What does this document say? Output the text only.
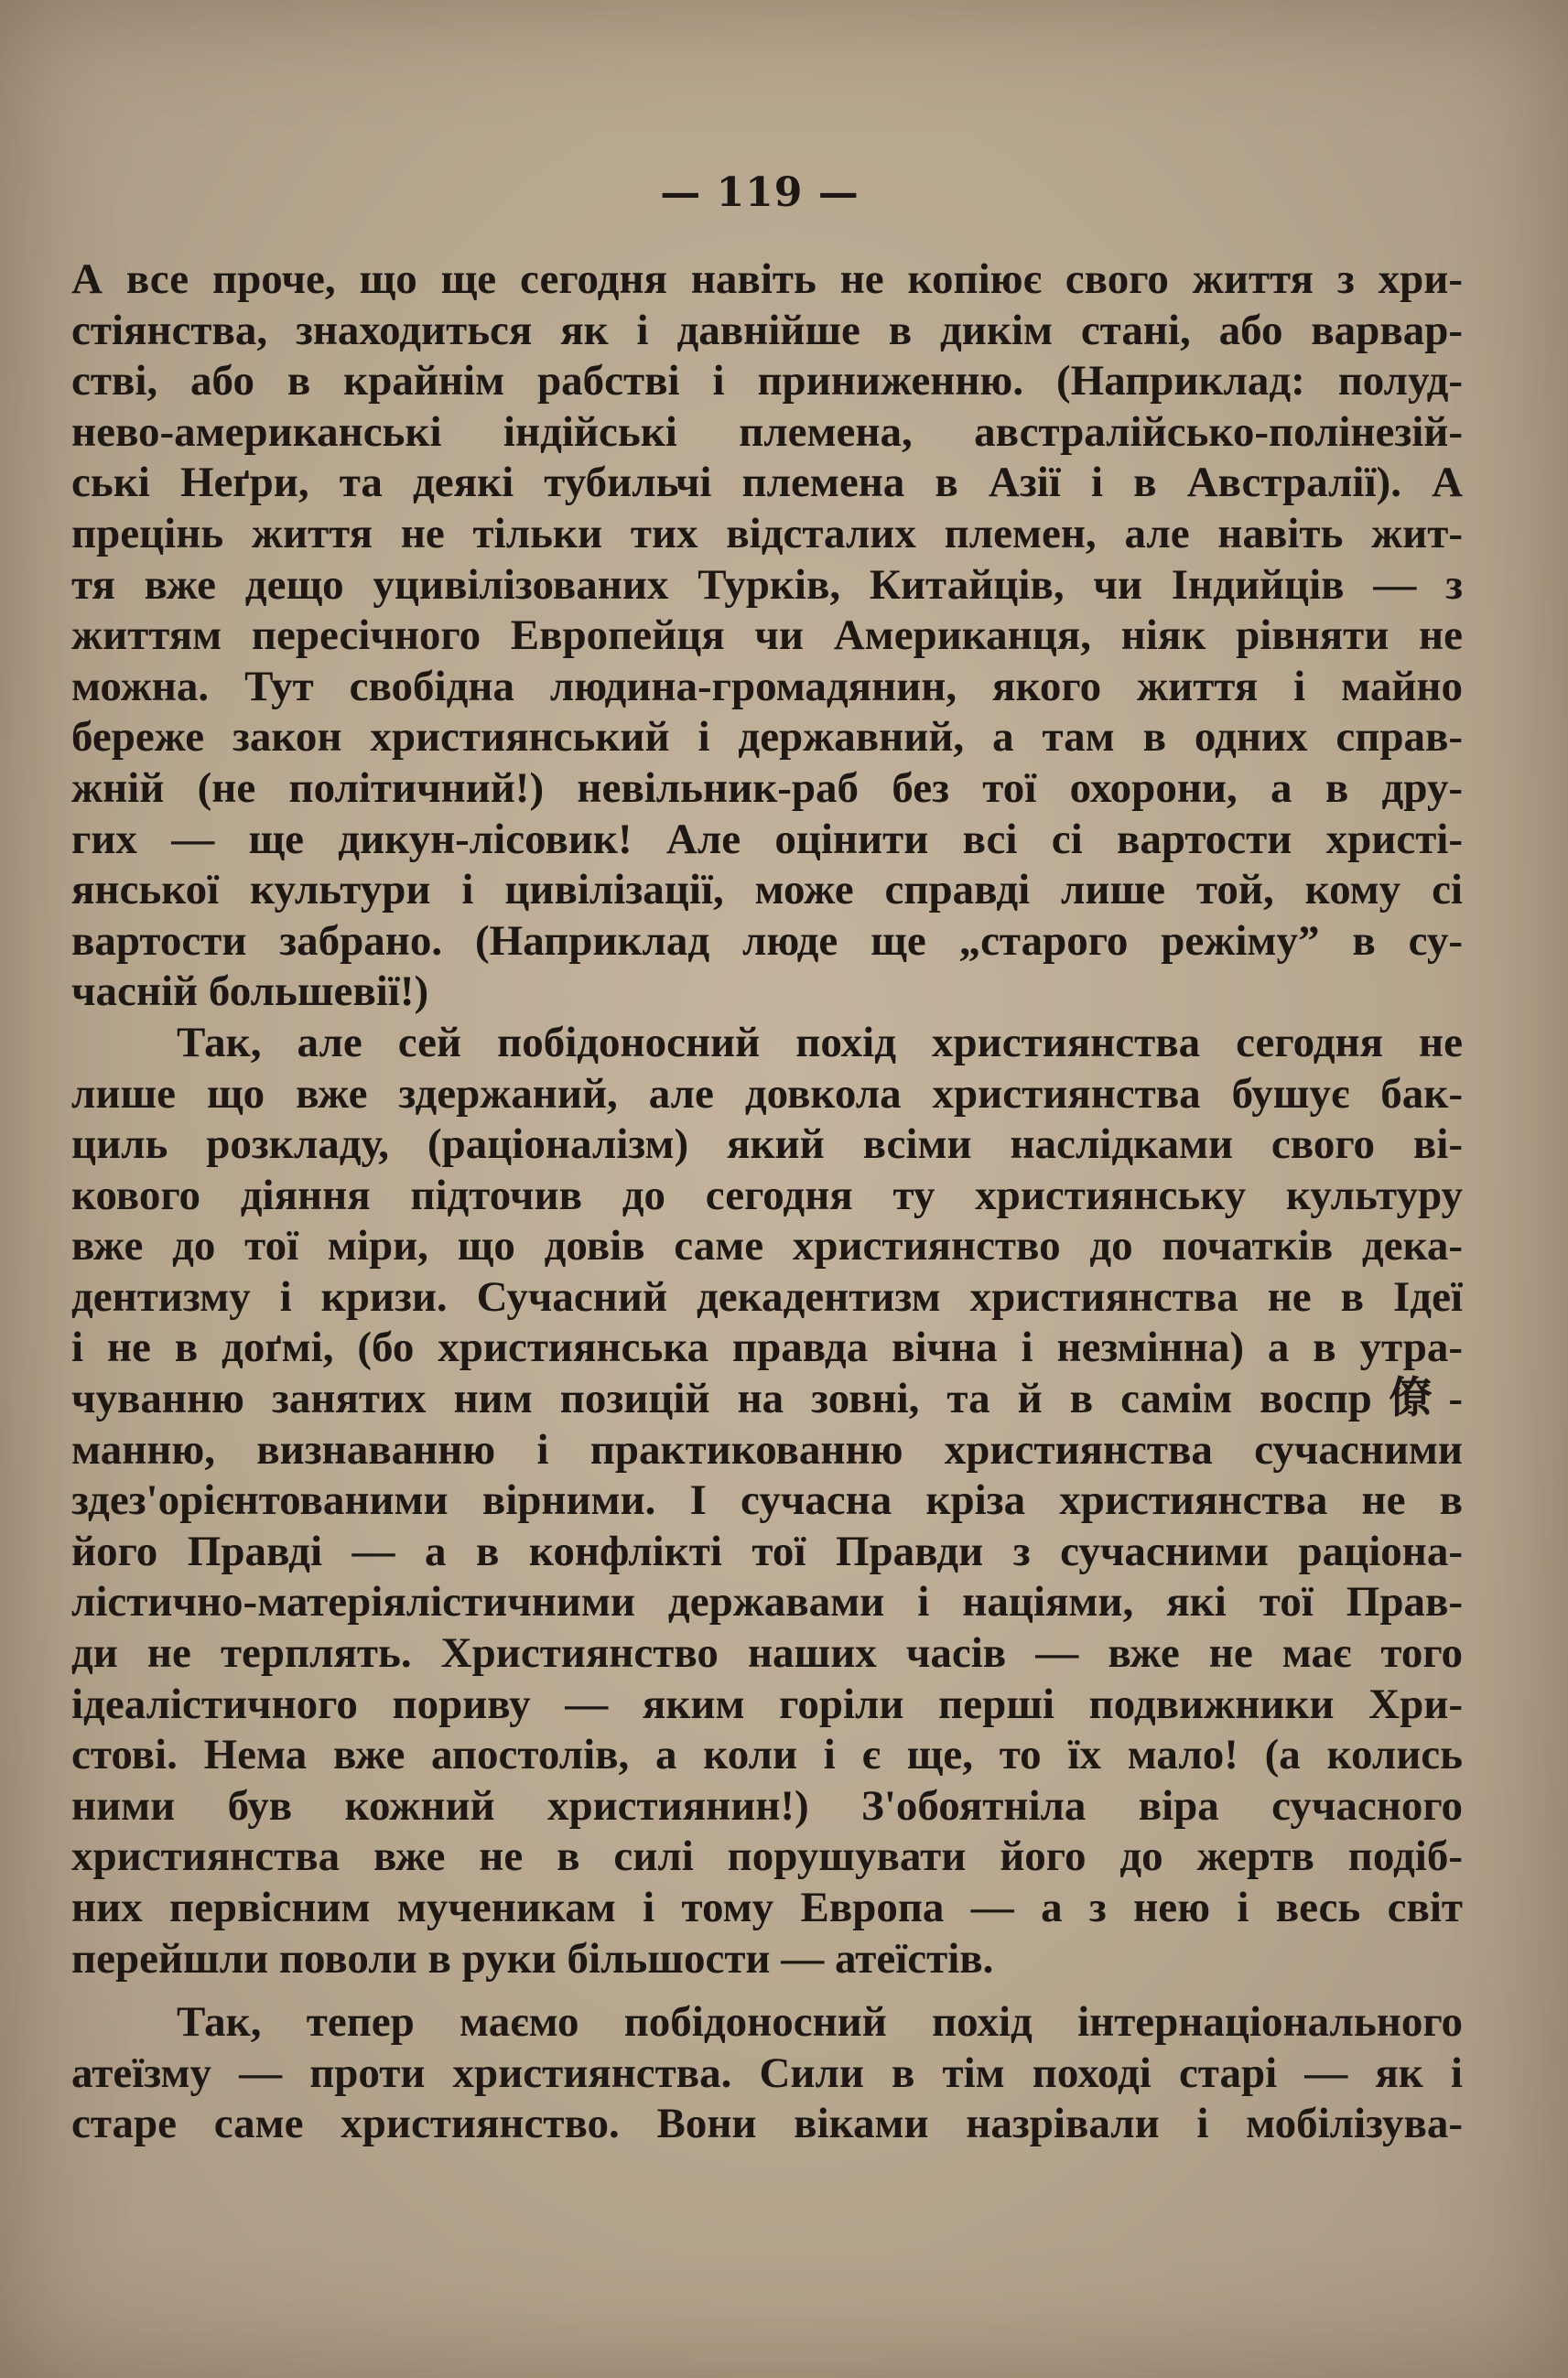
— 119 —
А все проче, що ще сегодня навіть не копіює свого життя з хри-
стіянства, знаходиться як і давнійше в дикім стані, або варвар-
стві, або в крайнім рабстві і приниженню. (Наприклад: полуд-
нево-американські індійські племена, австралійсько-полінезій-
ські Неґри, та деякі тубильчі племена в Азії і в Австралії). А
прецінь життя не тільки тих відсталих племен, але навіть жит-
тя вже дещо уцивілізованих Турків, Китайців, чи Індийців — з
життям пересічного Европейця чи Американця, ніяк рівняти не
можна. Тут свобідна людина-громадянин, якого життя і майно
береже закон християнський і державний, а там в одних справ-
жній (не політичний!) невільник-раб без тої охорони, а в дру-
гих — ще дикун-лісовик! Але оцінити всі сі вартости христі-
янської культури і цивілізації, може справді лише той, кому сі
вартости забрано. (Наприклад люде ще „старого режіму” в су-
часній большевії!)
Так, але сей побідоносний похід християнства сегодня не
лише що вже здержаний, але довкола християнства бушує бак-
циль розкладу, (раціоналізм) який всіми наслідками свого ві-
кового діяння підточив до сегодня ту християнську культуру
вже до тої міри, що довів саме християнство до початків дека-
дентизму і кризи. Сучасний декадентизм християнства не в Ідеї
і не в доґмі, (бо християнська правда вічна і незмінна) а в утра-
чуванню занятих ним позицій на зовні, та й в самім воспр僚-
манню, визнаванню і практикованню християнства сучасними
здез'орієнтованими вірними. І сучасна кріза християнства не в
його Правді — а в конфлікті тої Правди з сучасними раціона-
лістично-матеріялістичними державами і націями, які тої Прав-
ди не терплять. Християнство наших часів — вже не має того
ідеалістичного пориву — яким горіли перші подвижники Хри-
стові. Нема вже апостолів, а коли і є ще, то їх мало! (а колись
ними був кожний християнин!) З'обоятніла віра сучасного
християнства вже не в силі порушувати його до жертв подіб-
них первісним мученикам і тому Европа — а з нею і весь світ
перейшли поволи в руки більшости — атеїстів.
Так, тепер маємо побідоносний похід інтернаціонального
атеїзму — проти християнства. Сили в тім поході старі — як і
старе саме християнство. Вони віками назрівали і мобілізува-
